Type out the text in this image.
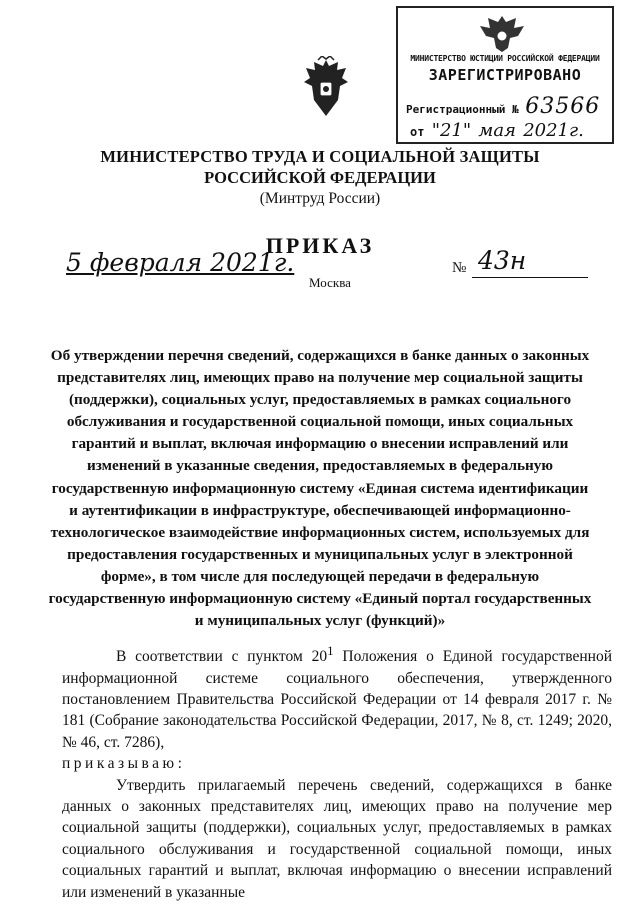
МИНИСТЕРСТВО ЮСТИЦИИ РОССИЙСКОЙ ФЕДЕРАЦИИ
ЗАРЕГИСТРИРОВАНО
Регистрационный № 63566
от "21" мая 2021г.
МИНИСТЕРСТВО ТРУДА И СОЦИАЛЬНОЙ ЗАЩИТЫ
РОССИЙСКОЙ ФЕДЕРАЦИИ
(Минтруд России)
ПРИКАЗ
5 февраля 2021г.	№ 43н
Москва
Об утверждении перечня сведений, содержащихся в банке данных о законных представителях лиц, имеющих право на получение мер социальной защиты (поддержки), социальных услуг, предоставляемых в рамках социального обслуживания и государственной социальной помощи, иных социальных гарантий и выплат, включая информацию о внесении исправлений или изменений в указанные сведения, предоставляемых в федеральную государственную информационную систему «Единая система идентификации и аутентификации в инфраструктуре, обеспечивающей информационно-технологическое взаимодействие информационных систем, используемых для предоставления государственных и муниципальных услуг в электронной форме», в том числе для последующей передачи в федеральную государственную информационную систему «Единый портал государственных и муниципальных услуг (функций)»

В соответствии с пунктом $20^1$ Положения о Единой государственной информационной системе социального обеспечения, утвержденного постановлением Правительства Российской Федерации от 14 февраля 2017 г. № 181 (Собрание законодательства Российской Федерации, 2017, № 8, ст. 1249; 2020, № 46, ст. 7286),

приказываю:

Утвердить прилагаемый перечень сведений, содержащихся в банке данных о законных представителях лиц, имеющих право на получение мер социальной защиты (поддержки), социальных услуг, предоставляемых в рамках социального обслуживания и государственной социальной помощи, иных социальных гарантий и выплат, включая информацию о внесении исправлений или изменений в указанные
